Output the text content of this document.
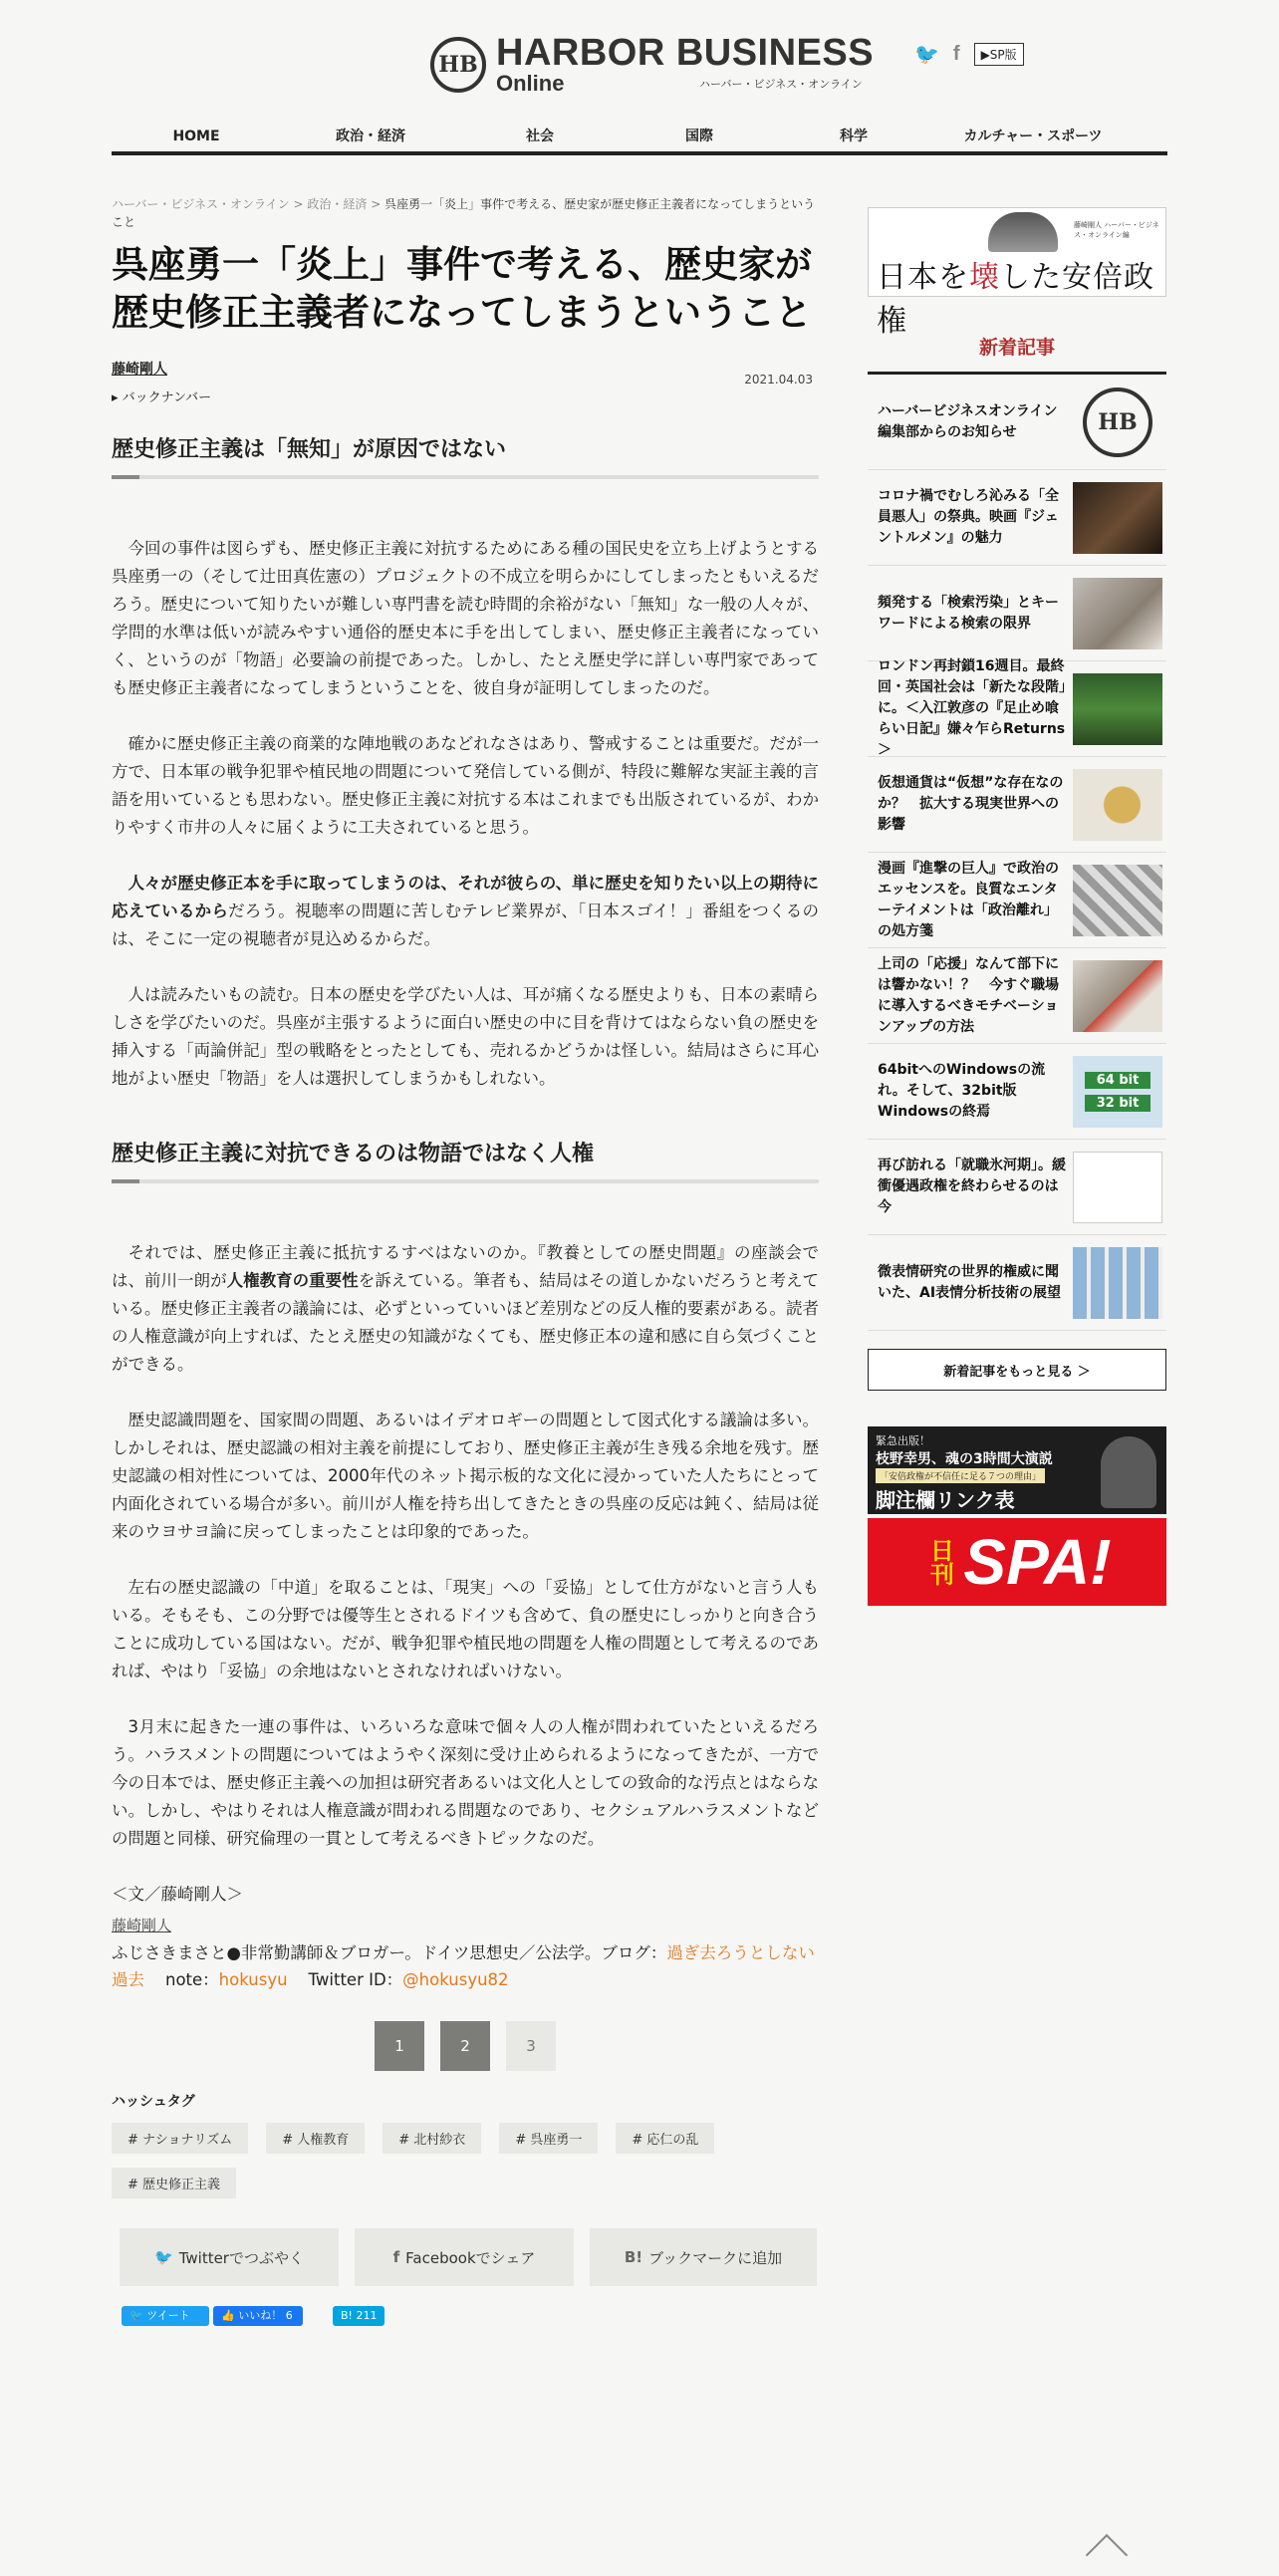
HB HARBOR BUSINESS
Online	ハーバー・ビジネス・オンライン
🐦 f	▶SP版
HOME	政治・経済	社会	国際	科学	カルチャー・スポーツ
ハーバー・ビジネス・オンライン > 政治・経済 > 呉座勇一「炎上」事件で考える、歴史家が歴史修正主義者になってしまうということ
呉座勇一「炎上」事件で考える、歴史家が歴史修正主義者になってしまうということ
藤崎剛人
▸ バックナンバー
2021.04.03
歴史修正主義は「無知」が原因ではない

今回の事件は図らずも、歴史修正主義に対抗するためにある種の国民史を立ち上げようとする呉座勇一の（そして辻田真佐憲の）プロジェクトの不成立を明らかにしてしまったともいえるだろう。歴史について知りたいが難しい専門書を読む時間的余裕がない「無知」な一般の人々が、学問的水準は低いが読みやすい通俗的歴史本に手を出してしまい、歴史修正主義者になっていく、というのが「物語」必要論の前提であった。しかし、たとえ歴史学に詳しい専門家であっても歴史修正主義者になってしまうということを、彼自身が証明してしまったのだ。

確かに歴史修正主義の商業的な陣地戦のあなどれなさはあり、警戒することは重要だ。だが一方で、日本軍の戦争犯罪や植民地の問題について発信している側が、特段に難解な実証主義的言語を用いているとも思わない。歴史修正主義に対抗する本はこれまでも出版されているが、わかりやすく市井の人々に届くように工夫されていると思う。

人々が歴史修正本を手に取ってしまうのは、それが彼らの、単に歴史を知りたい以上の期待に応えているからだろう。視聴率の問題に苦しむテレビ業界が、「日本スゴイ！」番組をつくるのは、そこに一定の視聴者が見込めるからだ。

人は読みたいもの読む。日本の歴史を学びたい人は、耳が痛くなる歴史よりも、日本の素晴らしさを学びたいのだ。呉座が主張するように面白い歴史の中に目を背けてはならない負の歴史を挿入する「両論併記」型の戦略をとったとしても、売れるかどうかは怪しい。結局はさらに耳心地がよい歴史「物語」を人は選択してしまうかもしれない。

歴史修正主義に対抗できるのは物語ではなく人権

それでは、歴史修正主義に抵抗するすべはないのか。『教養としての歴史問題』の座談会では、前川一朗が人権教育の重要性を訴えている。筆者も、結局はその道しかないだろうと考えている。歴史修正主義者の議論には、必ずといっていいほど差別などの反人権的要素がある。読者の人権意識が向上すれば、たとえ歴史の知識がなくても、歴史修正本の違和感に自ら気づくことができる。

歴史認識問題を、国家間の問題、あるいはイデオロギーの問題として図式化する議論は多い。しかしそれは、歴史認識の相対主義を前提にしており、歴史修正主義が生き残る余地を残す。歴史認識の相対性については、2000年代のネット掲示板的な文化に浸かっていた人たちにとって内面化されている場合が多い。前川が人権を持ち出してきたときの呉座の反応は鈍く、結局は従来のウヨサヨ論に戻ってしまったことは印象的であった。

左右の歴史認識の「中道」を取ることは、「現実」への「妥協」として仕方がないと言う人もいる。そもそも、この分野では優等生とされるドイツも含めて、負の歴史にしっかりと向き合うことに成功している国はない。だが、戦争犯罪や植民地の問題を人権の問題として考えるのであれば、やはり「妥協」の余地はないとされなければいけない。

3月末に起きた一連の事件は、いろいろな意味で個々人の人権が問われていたといえるだろう。ハラスメントの問題についてはようやく深刻に受け止められるようになってきたが、一方で今の日本では、歴史修正主義への加担は研究者あるいは文化人としての致命的な汚点とはならない。しかし、やはりそれは人権意識が問われる問題なのであり、セクシュアルハラスメントなどの問題と同様、研究倫理の一貫として考えるべきトピックなのだ。

＜文／藤崎剛人＞
藤崎剛人
ふじさきまさと●非常勤講師＆ブロガー。ドイツ思想史／公法学。ブログ：過ぎ去ろうとしない過去 note：hokusyu Twitter ID：@hokusyu82
1	2	3
ハッシュタグ
# ナショナリズム	# 人権教育	# 北村紗衣	# 呉座勇一	# 応仁の乱
# 歴史修正主義
🐦 Twitterでつぶやく	f Facebookでシェア	B! ブックマークに追加
🐦 ツイート	👍 いいね！ 6	B! 211
藤崎剛人 ハーバー・ビジネス・オンライン編
日本を壊した安倍政権
新着記事
ハーバービジネスオンライン編集部からのお知らせ	HB
コロナ禍でむしろ沁みる「全員悪人」の祭典。映画『ジェントルメン』の魅力
頻発する「検索汚染」とキーワードによる検索の限界
ロンドン再封鎖16週目。最終回・英国社会は「新たな段階」に。＜入江敦彦の『足止め喰らい日記』嫌々乍らReturns＞
仮想通貨は“仮想”な存在なのか？　拡大する現実世界への影響
漫画『進撃の巨人』で政治のエッセンスを。良質なエンターテイメントは「政治離れ」の処方箋
上司の「応援」なんて部下には響かない！？　今すぐ職場に導入するべきモチベーションアップの方法
64bitへのWindowsの流れ。そして、32bit版Windowsの終焉
64 bit
32 bit
再び訪れる「就職氷河期」。緩衝優遇政権を終わらせるのは今
微表情研究の世界的権威に聞いた、AI表情分析技術の展望
新着記事をもっと見る ＞
緊急出版！
枝野幸男、魂の3時間大演説
「安倍政権が不信任に足る７つの理由」
脚注欄リンク表
日刊 SPA!
